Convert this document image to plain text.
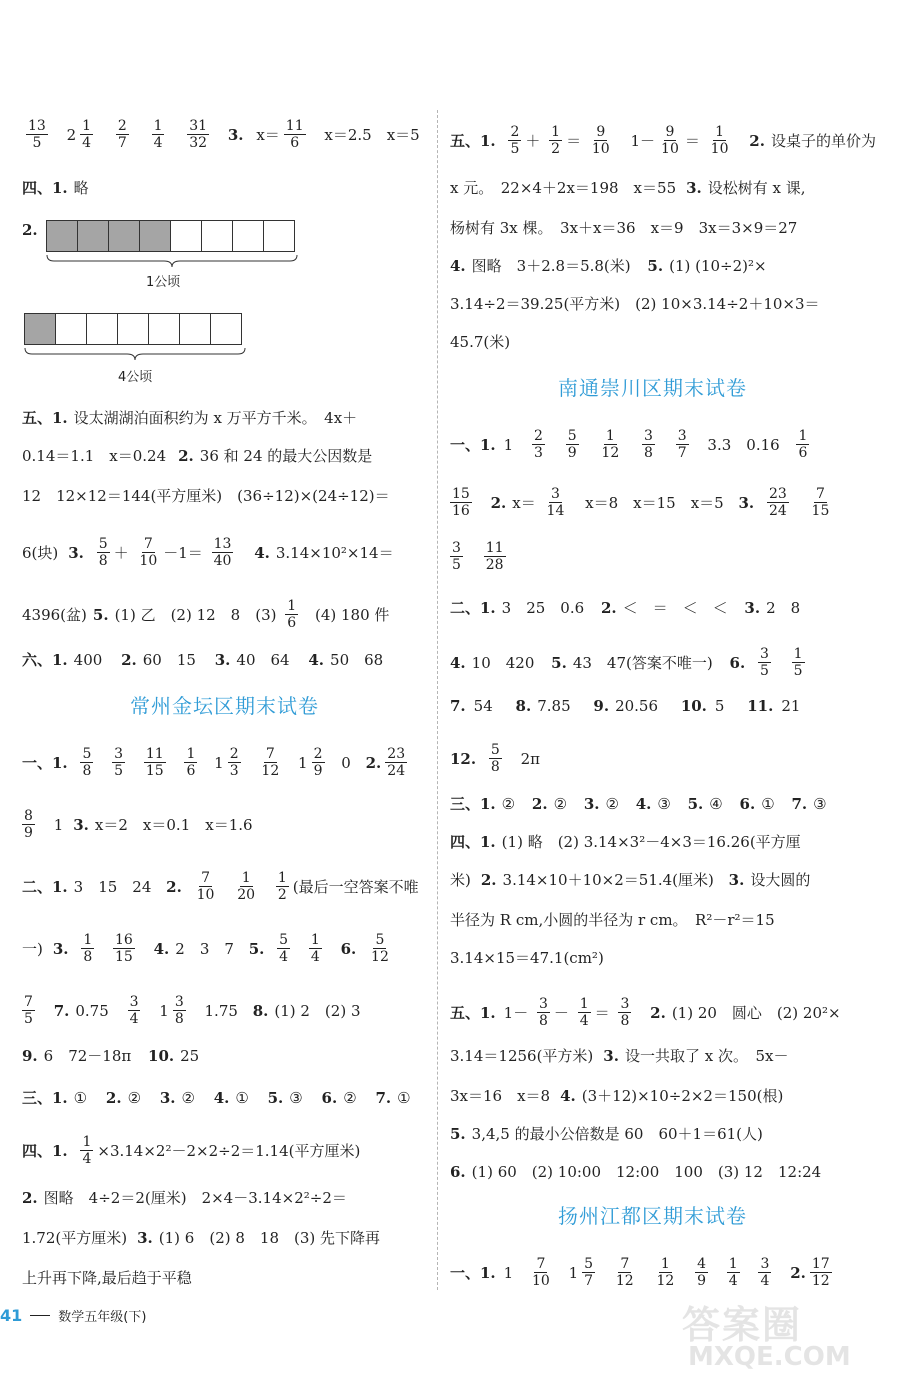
$\frac{13}{5} 2 \frac{1}{4}$
$\frac{2}{7}$
$\frac{1}{4}$
$\frac{31}{32} 3$. $x= \frac{11}{6} x=2.5$　x＝5
四、1. 略
2.
1公顷
4公顷
五、1. 设太湖湖泊面积约为 x 万平方千米。　4x＋
0.14＝1.1　x＝0.24 2. 36 和 24 的最大公因数是
12　12×12＝144(平方厘米)　(36÷12)×(24÷12)＝
6(块) 3. $\frac{5}{8} + \frac{7}{10} -1= \frac{13}{40} 4$. 3.14×10²×14＝
4396(盆) 5. (1) 乙　(2) 12　8　$(3) \frac{1}{6} (4)$ 180 件
六、1. 400 2. 60　15 3. 40　64 4. 50　68
常州金坛区期末试卷
一、1. $\frac{5}{8}$
$\frac{3}{5}$
$\frac{11}{15}$
$\frac{1}{6} 1 \frac{2}{3}$
$\frac{7}{12} 1 \frac{2}{9} 0$ 2. $\frac{23}{24}$
$\frac{8}{9} 1$ 3. x＝2　x＝0.1　x＝1.6
二、1. 3　15　24 2. $\frac{7}{10}$
$\frac{1}{20}$
$\frac{1}{2}$ (最后一空答案不唯
一) 3. $\frac{1}{8}$
$\frac{16}{15} 4$. 2　3　7 5. $\frac{5}{4}$
$\frac{1}{4} 6$. $\frac{5}{12}$
$\frac{7}{5} 7$. $0.75 \frac{3}{4} 1 \frac{3}{8} 1.75$ 8. (1) 2　(2) 3
9. 6　72－18π 10. 25
三、1. ① 2. ② 3. ② 4. ① 5. ③ 6. ② 7. ①
四、1. $\frac{1}{4} \times 3.14\times 2^2-2\times 2\div 2=1.14$(平方厘米)
2. 图略　4÷2＝2(厘米)　2×4－3.14×2²÷2＝
1.72(平方厘米) 3. (1) 6　(2) 8　18　(3) 先下降再
上升再下降,最后趋于平稳
五、1. $\frac{2}{5} + \frac{1}{2} = \frac{9}{10} 1- \frac{9}{10} = \frac{1}{10} 2$. 设桌子的单价为
x 元。　22×4＋2x＝198　x＝55 3. 设松树有 x 课,
杨树有 3x 棵。　3x＋x＝36　x＝9　3x＝3×9＝27
4. 图略　3＋2.8＝5.8(米) 5. (1) (10÷2)²×
3.14÷2＝39.25(平方米)　(2) 10×3.14÷2＋10×3＝
45.7(米)
南通崇川区期末试卷
一、1. $1 \frac{2}{3}$
$\frac{5}{9}$
$\frac{1}{12}$
$\frac{3}{8}$
$\frac{3}{7} 3.3$　$0.16 \frac{1}{6}$
$\frac{15}{16} 2$. $x= \frac{3}{14} x=8$　x＝15　x＝5 3. $\frac{23}{24}$
$\frac{7}{15}$
$\frac{3}{5}$
$\frac{11}{28}$
二、1. 3　25　0.6 2. ＜　＝　＜　＜ 3. 2　8
4. 10　420 5. 43　47(答案不唯一) 6. $\frac{3}{5}$
$\frac{1}{5}$
7. 54 8. 7.85 9. 20.56 10. 5 11. 21
12. $\frac{5}{8} 2\pi$
三、1. ② 2. ② 3. ② 4. ③ 5. ④ 6. ① 7. ③
四、1. (1) 略　(2) 3.14×3²－4×3＝16.26(平方厘
米) 2. 3.14×10＋10×2＝51.4(厘米) 3. 设大圆的
半径为 R cm,小圆的半径为 r cm。　R²－r²＝15
3.14×15＝47.1(cm²)
五、1. $1- \frac{3}{8} - \frac{1}{4} = \frac{3}{8} 2$. (1) 20　圆心　(2) 20²×
3.14＝1256(平方米) 3. 设一共取了 x 次。　5x－
3x＝16　x＝8 4. (3＋12)×10÷2×2＝150(根)
5. 3,4,5 的最小公倍数是 60　60＋1＝61(人)
6. (1) 60　(2) 10:00　12:00　100　(3) 12　12:24
扬州江都区期末试卷
一、1. $1 \frac{7}{10} 1 \frac{5}{7}$
$\frac{7}{12}$
$\frac{1}{12}$
$\frac{4}{9}$
$\frac{1}{4}$
$\frac{3}{4} 2$. $\frac{17}{12}$
41	数学五年级(下)	答案圈
MXQE.COM
